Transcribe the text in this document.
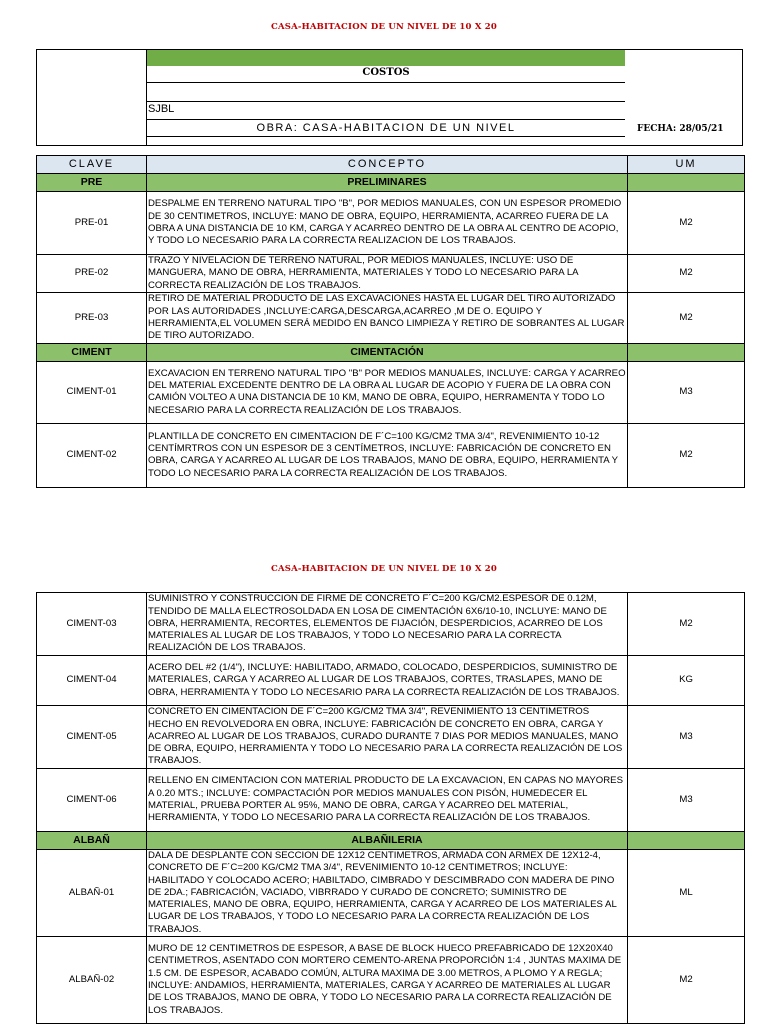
CASA-HABITACION DE UN NIVEL DE 10 X 20
COSTOS
SJBL
OBRA: CASA-HABITACION DE UN NIVEL	FECHA: 28/05/21
CLAVE	CONCEPTO	UM
PRE	PRELIMINARES	
PRE-01	DESPALME EN TERRENO NATURAL TIPO "B", POR MEDIOS MANUALES, CON UN ESPESOR PROMEDIO DE 30 CENTIMETROS, INCLUYE: MANO DE OBRA, EQUIPO, HERRAMIENTA, ACARREO FUERA DE LA OBRA A UNA DISTANCIA DE 10 KM, CARGA Y ACARREO DENTRO DE LA OBRA AL CENTRO DE ACOPIO, Y TODO LO NECESARIO PARA LA CORRECTA REALIZACION DE LOS TRABAJOS.	M2
PRE-02	TRAZO Y NIVELACION DE TERRENO NATURAL, POR MEDIOS MANUALES, INCLUYE: USO DE MANGUERA, MANO DE OBRA, HERRAMIENTA, MATERIALES Y TODO LO NECESARIO PARA LA CORRECTA REALIZACIÓN DE LOS TRABAJOS.	M2
PRE-03	RETIRO DE MATERIAL PRODUCTO DE LAS EXCAVACIONES HASTA EL LUGAR DEL TIRO AUTORIZADO POR LAS AUTORIDADES ,INCLUYE:CARGA,DESCARGA,ACARREO ,M DE O. EQUIPO Y HERRAMIENTA,EL VOLUMEN SERÁ MEDIDO EN BANCO LIMPIEZA Y RETIRO DE SOBRANTES AL LUGAR DE TIRO AUTORIZADO.	M2
CIMENT	CIMENTACIÓN	
CIMENT-01	EXCAVACION EN TERRENO NATURAL TIPO "B" POR MEDIOS MANUALES, INCLUYE: CARGA Y ACARREO DEL MATERIAL EXCEDENTE DENTRO DE LA OBRA AL LUGAR DE ACOPIO Y FUERA DE LA OBRA CON CAMIÓN VOLTEO A UNA DISTANCIA DE 10 KM, MANO DE OBRA, EQUIPO, HERRAMENTA Y TODO LO NECESARIO PARA LA CORRECTA REALIZACIÓN DE LOS TRABAJOS.	M3
CIMENT-02	PLANTILLA DE CONCRETO EN CIMENTACION DE F´C=100 KG/CM2 TMA 3/4", REVENIMIENTO 10-12 CENTÍMRTROS CON UN ESPESOR DE 3 CENTÍMETROS, INCLUYE: FABRICACIÓN DE CONCRETO EN OBRA, CARGA Y ACARREO AL LUGAR DE LOS TRABAJOS, MANO DE OBRA, EQUIPO, HERRAMIENTA Y TODO LO NECESARIO PARA LA CORRECTA REALIZACIÓN DE LOS TRABAJOS.	M2
CASA-HABITACION DE UN NIVEL DE 10 X 20
CIMENT-03	SUMINISTRO Y CONSTRUCCION DE FIRME DE CONCRETO F´C=200 KG/CM2.ESPESOR DE 0.12M, TENDIDO DE MALLA ELECTROSOLDADA EN LOSA DE CIMENTACIÓN 6X6/10-10, INCLUYE: MANO DE OBRA, HERRAMIENTA, RECORTES, ELEMENTOS DE FIJACIÓN, DESPERDICIOS, ACARREO DE LOS MATERIALES AL LUGAR DE LOS TRABAJOS, Y TODO LO NECESARIO PARA LA CORRECTA REALIZACIÓN DE LOS TRABAJOS.	M2
CIMENT-04	ACERO DEL #2 (1/4"), INCLUYE: HABILITADO, ARMADO, COLOCADO, DESPERDICIOS, SUMINISTRO DE MATERIALES, CARGA Y ACARREO AL LUGAR DE LOS TRABAJOS, CORTES, TRASLAPES, MANO DE OBRA, HERRAMIENTA Y TODO LO NECESARIO PARA LA CORRECTA REALIZACIÓN DE LOS TRABAJOS.	KG
CIMENT-05	CONCRETO EN CIMENTACION DE F´C=200 KG/CM2 TMA 3/4", REVENIMIENTO 13 CENTIMETROS HECHO EN REVOLVEDORA EN OBRA, INCLUYE: FABRICACIÓN DE CONCRETO EN OBRA, CARGA Y ACARREO AL LUGAR DE LOS TRABAJOS, CURADO DURANTE 7 DIAS POR MEDIOS MANUALES, MANO DE OBRA, EQUIPO, HERRAMIENTA Y TODO LO NECESARIO PARA LA CORRECTA REALIZACIÓN DE LOS TRABAJOS.	M3
CIMENT-06	RELLENO EN CIMENTACION CON MATERIAL PRODUCTO DE LA EXCAVACION, EN CAPAS NO MAYORES A 0.20 MTS.; INCLUYE: COMPACTACIÓN POR MEDIOS MANUALES CON PISÓN, HUMEDECER EL MATERIAL, PRUEBA PORTER AL 95%, MANO DE OBRA, CARGA Y ACARREO DEL MATERIAL, HERRAMIENTA, Y TODO LO NECESARIO PARA LA CORRECTA REALIZACIÓN DE LOS TRABAJOS.	M3
ALBAÑ	ALBAÑILERIA	
ALBAÑ-01	DALA DE DESPLANTE CON SECCION DE 12X12 CENTIMETROS, ARMADA CON ARMEX DE 12X12-4, CONCRETO DE F´C=200 KG/CM2 TMA 3/4", REVENIMIENTO 10-12 CENTIMETROS; INCLUYE: HABILITADO Y COLOCADO ACERO; HABILTADO, CIMBRADO Y DESCIMBRADO CON MADERA DE PINO DE 2DA.; FABRICACIÓN, VACIADO, VIBRRADO Y CURADO DE CONCRETO; SUMINISTRO DE MATERIALES, MANO DE OBRA, EQUIPO, HERRAMIENTA, CARGA Y ACARREO DE LOS MATERIALES AL LUGAR DE LOS TRABAJOS, Y TODO LO NECESARIO PARA LA CORRECTA REALIZACIÓN DE LOS TRABAJOS.	ML
ALBAÑ-02	MURO DE 12 CENTIMETROS DE ESPESOR, A BASE DE BLOCK HUECO PREFABRICADO DE 12X20X40 CENTIMETROS, ASENTADO CON MORTERO CEMENTO-ARENA PROPORCIÓN 1:4 , JUNTAS MAXIMA DE 1.5 CM. DE ESPESOR, ACABADO COMÚN, ALTURA MAXIMA DE 3.00 METROS, A PLOMO Y A REGLA; INCLUYE: ANDAMIOS, HERRAMIENTA, MATERIALES, CARGA Y ACARREO DE MATERIALES AL LUGAR DE LOS TRABAJOS, MANO DE OBRA, Y TODO LO NECESARIO PARA LA CORRECTA REALIZACIÓN DE LOS TRABAJOS.	M2
